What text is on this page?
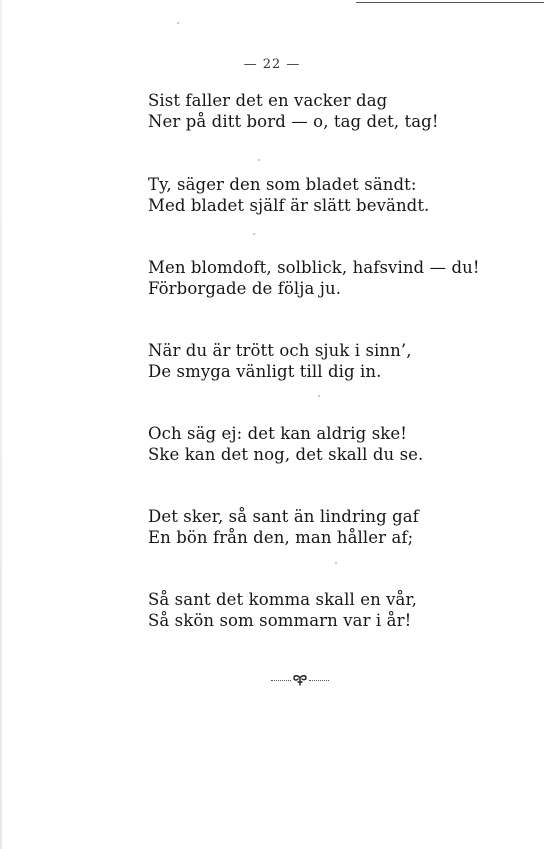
— 22 —
Sist faller det en vacker dag
Ner på ditt bord — o, tag det, tag!
Ty, säger den som bladet sändt:
Med bladet själf är slätt bevändt.
Men blomdoft, solblick, hafsvind — du!
Förborgade de följa ju.
När du är trött och sjuk i sinn’,
De smyga vänligt till dig in.
Och säg ej: det kan aldrig ske!
Ske kan det nog, det skall du se.
Det sker, så sant än lindring gaf
En bön från den, man håller af;
Så sant det komma skall en vår,
Så skön som sommarn var i år!
